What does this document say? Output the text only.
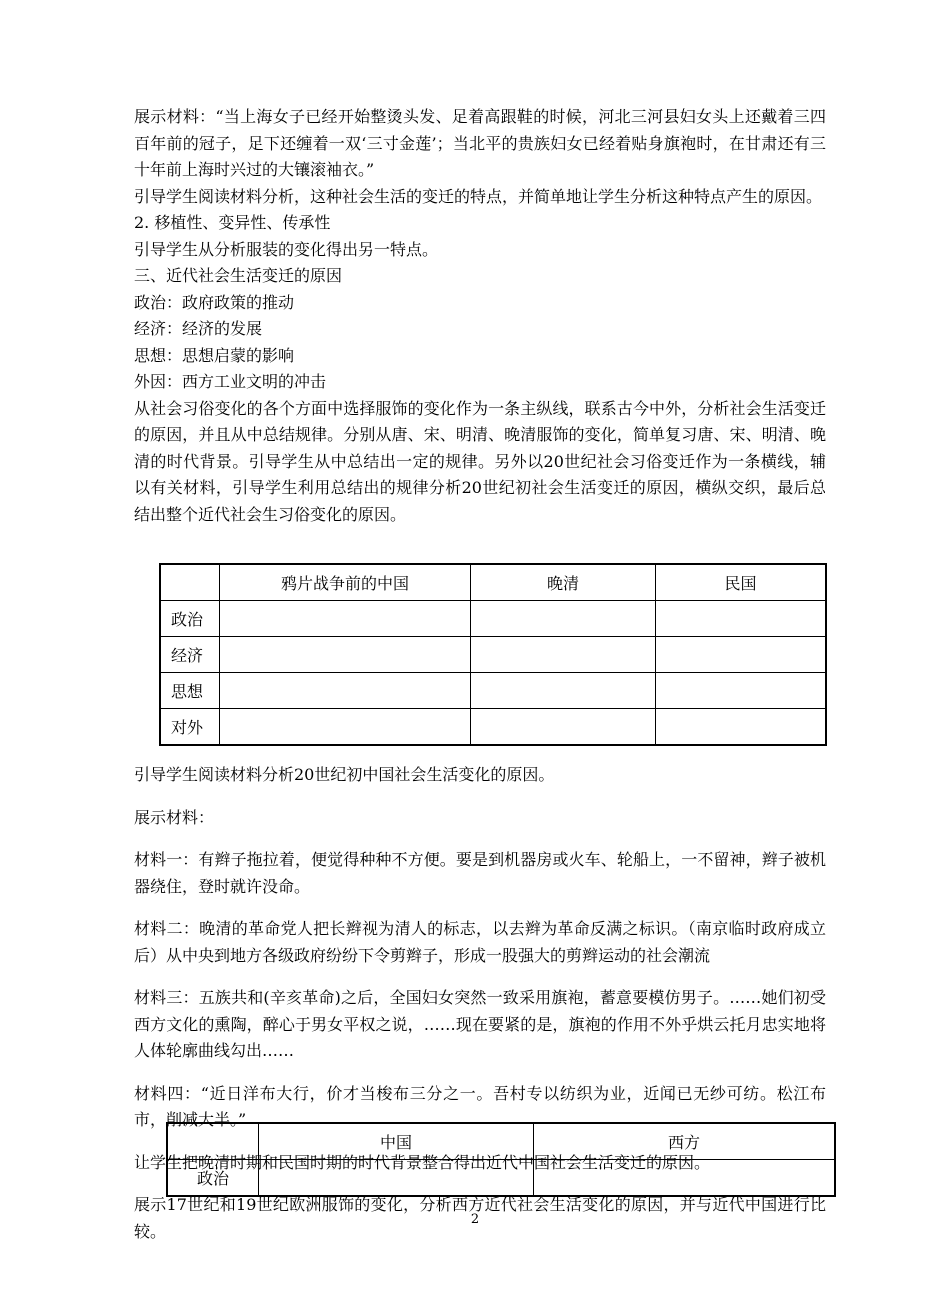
展示材料：“当上海女子已经开始整烫头发、足着高跟鞋的时候，河北三河县妇女头上还戴着三四百年前的冠子，足下还缠着一双‘三寸金莲’；当北平的贵族妇女已经着贴身旗袍时，在甘肃还有三十年前上海时兴过的大镶滚袖衣。”

引导学生阅读材料分析，这种社会生活的变迁的特点，并简单地让学生分析这种特点产生的原因。

2. 移植性、变异性、传承性

引导学生从分析服装的变化得出另一特点。

三、近代社会生活变迁的原因

政治：政府政策的推动

经济：经济的发展

思想：思想启蒙的影响

外因：西方工业文明的冲击

从社会习俗变化的各个方面中选择服饰的变化作为一条主纵线，联系古今中外，分析社会生活变迁的原因，并且从中总结规律。分别从唐、宋、明清、晚清服饰的变化，简单复习唐、宋、明清、晚清的时代背景。引导学生从中总结出一定的规律。另外以20世纪社会习俗变迁作为一条横线，辅以有关材料，引导学生利用总结出的规律分析20世纪初社会生活变迁的原因，横纵交织，最后总结出整个近代社会生习俗变化的原因。

	鸦片战争前的中国	晚清	民国
政治			
经济			
思想			
对外			

引导学生阅读材料分析20世纪初中国社会生活变化的原因。

展示材料：

材料一：有辫子拖拉着，便觉得种种不方便。要是到机器房或火车、轮船上，一不留神，辫子被机器绕住，登时就许没命。

材料二：晚清的革命党人把长辫视为清人的标志，以去辫为革命反满之标识。（南京临时政府成立后）从中央到地方各级政府纷纷下令剪辫子，形成一股强大的剪辫运动的社会潮流

材料三：五族共和(辛亥革命)之后，全国妇女突然一致采用旗袍，蓄意要模仿男子。……她们初受西方文化的熏陶，醉心于男女平权之说，……现在要紧的是，旗袍的作用不外乎烘云托月忠实地将人体轮廓曲线勾出……

材料四：“近日洋布大行，价才当梭布三分之一。吾村专以纺织为业，近闻已无纱可纺。松江布市，削减大半。”

让学生把晚清时期和民国时期的时代背景整合得出近代中国社会生活变迁的原因。

展示17世纪和19世纪欧洲服饰的变化，分析西方近代社会生活变化的原因，并与近代中国进行比较。

	中国	西方
政治		
2
